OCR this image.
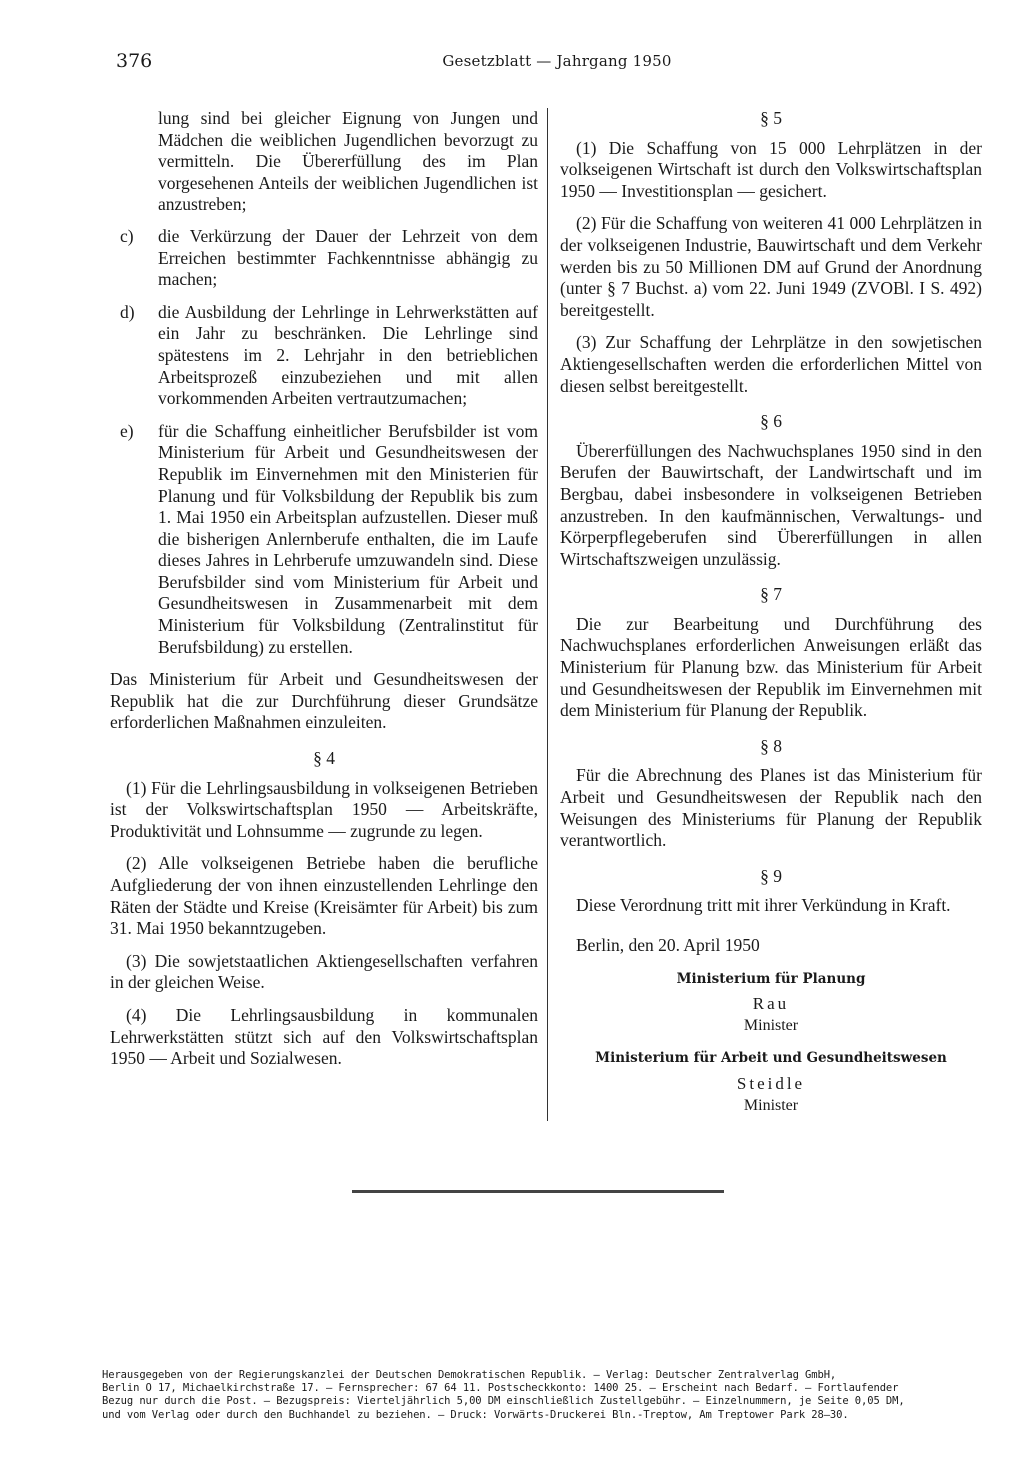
376	Gesetzblatt — Jahrgang 1950
lung sind bei gleicher Eignung von Jungen und Mädchen die weiblichen Jugendlichen bevorzugt zu vermitteln. Die Übererfüllung des im Plan vorgesehenen Anteils der weiblichen Jugendlichen ist anzustreben;
c)	die Verkürzung der Dauer der Lehrzeit von dem Erreichen bestimmter Fachkenntnisse abhängig zu machen;
d)	die Ausbildung der Lehrlinge in Lehrwerkstätten auf ein Jahr zu beschränken. Die Lehrlinge sind spätestens im 2. Lehrjahr in den betrieblichen Arbeitsprozeß einzubeziehen und mit allen vorkommenden Arbeiten vertrautzumachen;
e)	für die Schaffung einheitlicher Berufsbilder ist vom Ministerium für Arbeit und Gesundheitswesen der Republik im Einvernehmen mit den Ministerien für Planung und für Volksbildung der Republik bis zum 1. Mai 1950 ein Arbeitsplan aufzustellen. Dieser muß die bisherigen Anlernberufe enthalten, die im Laufe dieses Jahres in Lehrberufe umzuwandeln sind. Diese Berufsbilder sind vom Ministerium für Arbeit und Gesundheitswesen in Zusammenarbeit mit dem Ministerium für Volksbildung (Zentralinstitut für Berufsbildung) zu erstellen.

Das Ministerium für Arbeit und Gesundheitswesen der Republik hat die zur Durchführung dieser Grundsätze erforderlichen Maßnahmen einzuleiten.

§ 4

(1) Für die Lehrlingsausbildung in volkseigenen Betrieben ist der Volkswirtschaftsplan 1950 — Arbeitskräfte, Produktivität und Lohnsumme — zugrunde zu legen.

(2) Alle volkseigenen Betriebe haben die berufliche Aufgliederung der von ihnen einzustellenden Lehrlinge den Räten der Städte und Kreise (Kreisämter für Arbeit) bis zum 31. Mai 1950 bekanntzugeben.

(3) Die sowjetstaatlichen Aktiengesellschaften verfahren in der gleichen Weise.

(4) Die Lehrlingsausbildung in kommunalen Lehrwerkstätten stützt sich auf den Volkswirtschaftsplan 1950 — Arbeit und Sozialwesen.

§ 5

(1) Die Schaffung von 15 000 Lehrplätzen in der volkseigenen Wirtschaft ist durch den Volkswirtschaftsplan 1950 — Investitionsplan — gesichert.

(2) Für die Schaffung von weiteren 41 000 Lehrplätzen in der volkseigenen Industrie, Bauwirtschaft und dem Verkehr werden bis zu 50 Millionen DM auf Grund der Anordnung (unter § 7 Buchst. a) vom 22. Juni 1949 (ZVOBl. I S. 492) bereitgestellt.

(3) Zur Schaffung der Lehrplätze in den sowjetischen Aktiengesellschaften werden die erforderlichen Mittel von diesen selbst bereitgestellt.

§ 6

Übererfüllungen des Nachwuchsplanes 1950 sind in den Berufen der Bauwirtschaft, der Landwirtschaft und im Bergbau, dabei insbesondere in volkseigenen Betrieben anzustreben. In den kaufmännischen, Verwaltungs- und Körperpflegeberufen sind Übererfüllungen in allen Wirtschaftszweigen unzulässig.

§ 7

Die zur Bearbeitung und Durchführung des Nachwuchsplanes erforderlichen Anweisungen erläßt das Ministerium für Planung bzw. das Ministerium für Arbeit und Gesundheitswesen der Republik im Einvernehmen mit dem Ministerium für Planung der Republik.

§ 8

Für die Abrechnung des Planes ist das Ministerium für Arbeit und Gesundheitswesen der Republik nach den Weisungen des Ministeriums für Planung der Republik verantwortlich.

§ 9

Diese Verordnung tritt mit ihrer Verkündung in Kraft.

Berlin, den 20. April 1950

Ministerium für Planung
Rau
Minister
Ministerium für Arbeit und Gesundheitswesen
Steidle
Minister
Herausgegeben von der Regierungskanzlei der Deutschen Demokratischen Republik. — Verlag: Deutscher Zentralverlag GmbH,
Berlin O 17, Michaelkirchstraße 17. — Fernsprecher: 67 64 11. Postscheckkonto: 1400 25. — Erscheint nach Bedarf. — Fortlaufender
Bezug nur durch die Post. — Bezugspreis: Vierteljährlich 5,00 DM einschließlich Zustellgebühr. — Einzelnummern, je Seite 0,05 DM,
und vom Verlag oder durch den Buchhandel zu beziehen. — Druck: Vorwärts-Druckerei Bln.-Treptow, Am Treptower Park 28—30.
